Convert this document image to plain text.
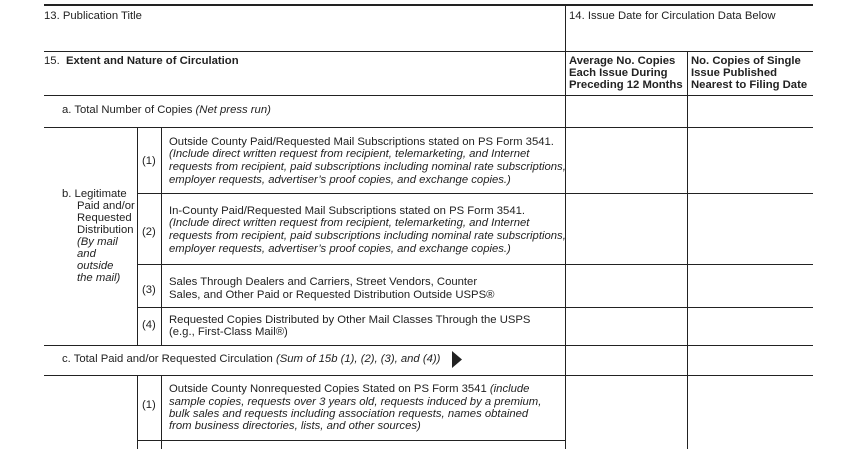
13. Publication Title	14. Issue Date for Circulation Data Below
15. Extent and Nature of Circulation	Average No. Copies
Each Issue During
Preceding 12 Months
No. Copies of Single
Issue Published
Nearest to Filing Date
a. Total Number of Copies (Net press run)
b. Legitimate
Paid and/or
Requested
Distribution
(By mail
and
outside
the mail)
(1)
Outside County Paid/Requested Mail Subscriptions stated on PS Form 3541.
(Include direct written request from recipient, telemarketing, and Internet
requests from recipient, paid subscriptions including nominal rate subscriptions,
employer requests, advertiser’s proof copies, and exchange copies.)
(2)
In-County Paid/Requested Mail Subscriptions stated on PS Form 3541.
(Include direct written request from recipient, telemarketing, and Internet
requests from recipient, paid subscriptions including nominal rate subscriptions,
employer requests, advertiser’s proof copies, and exchange copies.)
(3)
Sales Through Dealers and Carriers, Street Vendors, Counter
Sales, and Other Paid or Requested Distribution Outside USPS®
(4) Requested Copies Distributed by Other Mail Classes Through the USPS
(e.g., First-Class Mail®)
c. Total Paid and/or Requested Circulation (Sum of 15b (1), (2), (3), and (4))
(1)
Outside County Nonrequested Copies Stated on PS Form 3541 (include
sample copies, requests over 3 years old, requests induced by a premium,
bulk sales and requests including association requests, names obtained
from business directories, lists, and other sources)
